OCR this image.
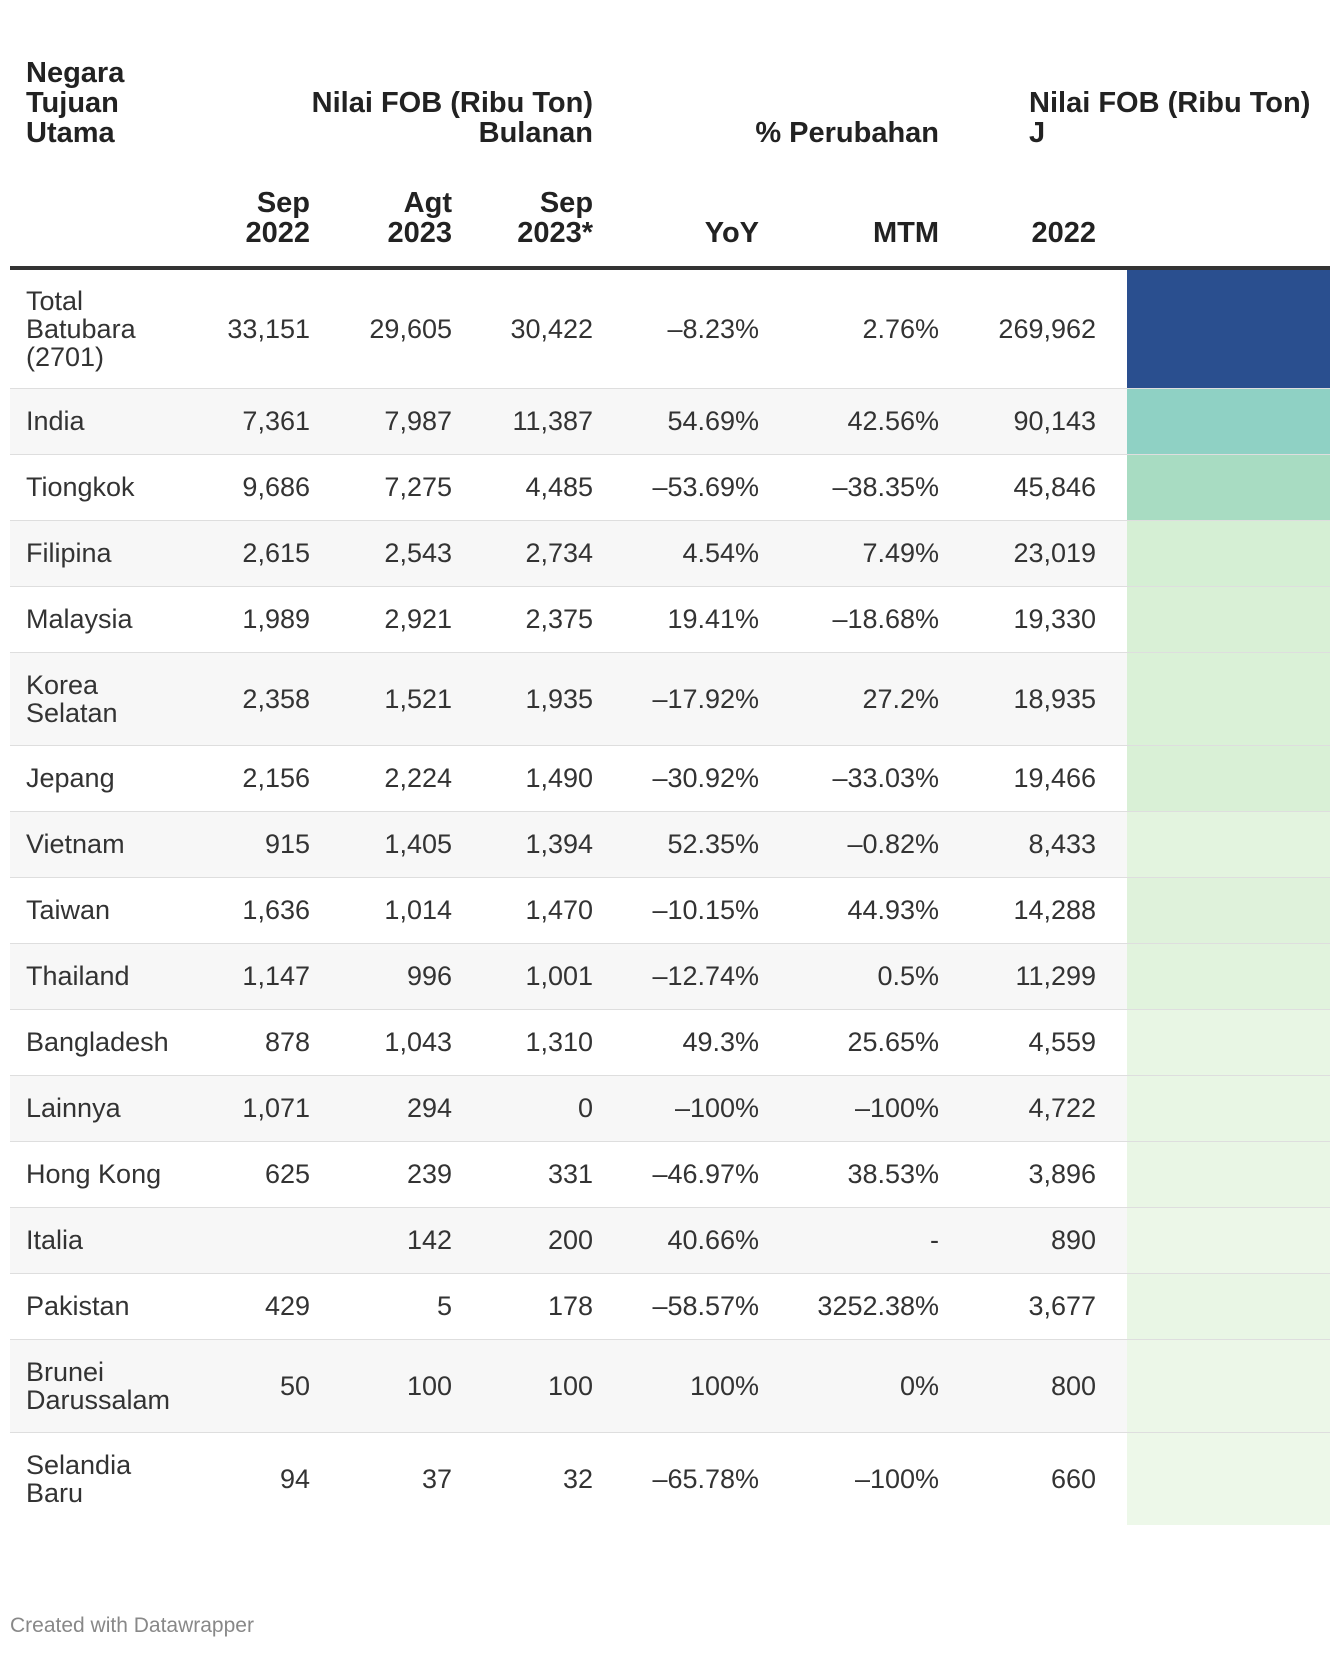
Negara Tujuan Utama	Nilai FOB (Ribu Ton) Bulanan			% Perubahan		Nilai FOB (Ribu Ton) J		
	Sep 2022	Agt 2023	Sep 2023*	YoY	MTM	2022		
Total Batubara (2701)	33,151	29,605	30,422	–8.23%	2.76%	269,962		
India	7,361	7,987	11,387	54.69%	42.56%	90,143		
Tiongkok	9,686	7,275	4,485	–53.69%	–38.35%	45,846		
Filipina	2,615	2,543	2,734	4.54%	7.49%	23,019		
Malaysia	1,989	2,921	2,375	19.41%	–18.68%	19,330		
Korea Selatan	2,358	1,521	1,935	–17.92%	27.2%	18,935		
Jepang	2,156	2,224	1,490	–30.92%	–33.03%	19,466		
Vietnam	915	1,405	1,394	52.35%	–0.82%	8,433		
Taiwan	1,636	1,014	1,470	–10.15%	44.93%	14,288		
Thailand	1,147	996	1,001	–12.74%	0.5%	11,299		
Bangladesh	878	1,043	1,310	49.3%	25.65%	4,559		
Lainnya	1,071	294	0	–100%	–100%	4,722		
Hong Kong	625	239	331	–46.97%	38.53%	3,896		
Italia		142	200	40.66%	-	890		
Pakistan	429	5	178	–58.57%	3252.38%	3,677		
Brunei Darussalam	50	100	100	100%	0%	800		
Selandia Baru	94	37	32	–65.78%	–100%	660		
Created with Datawrapper
